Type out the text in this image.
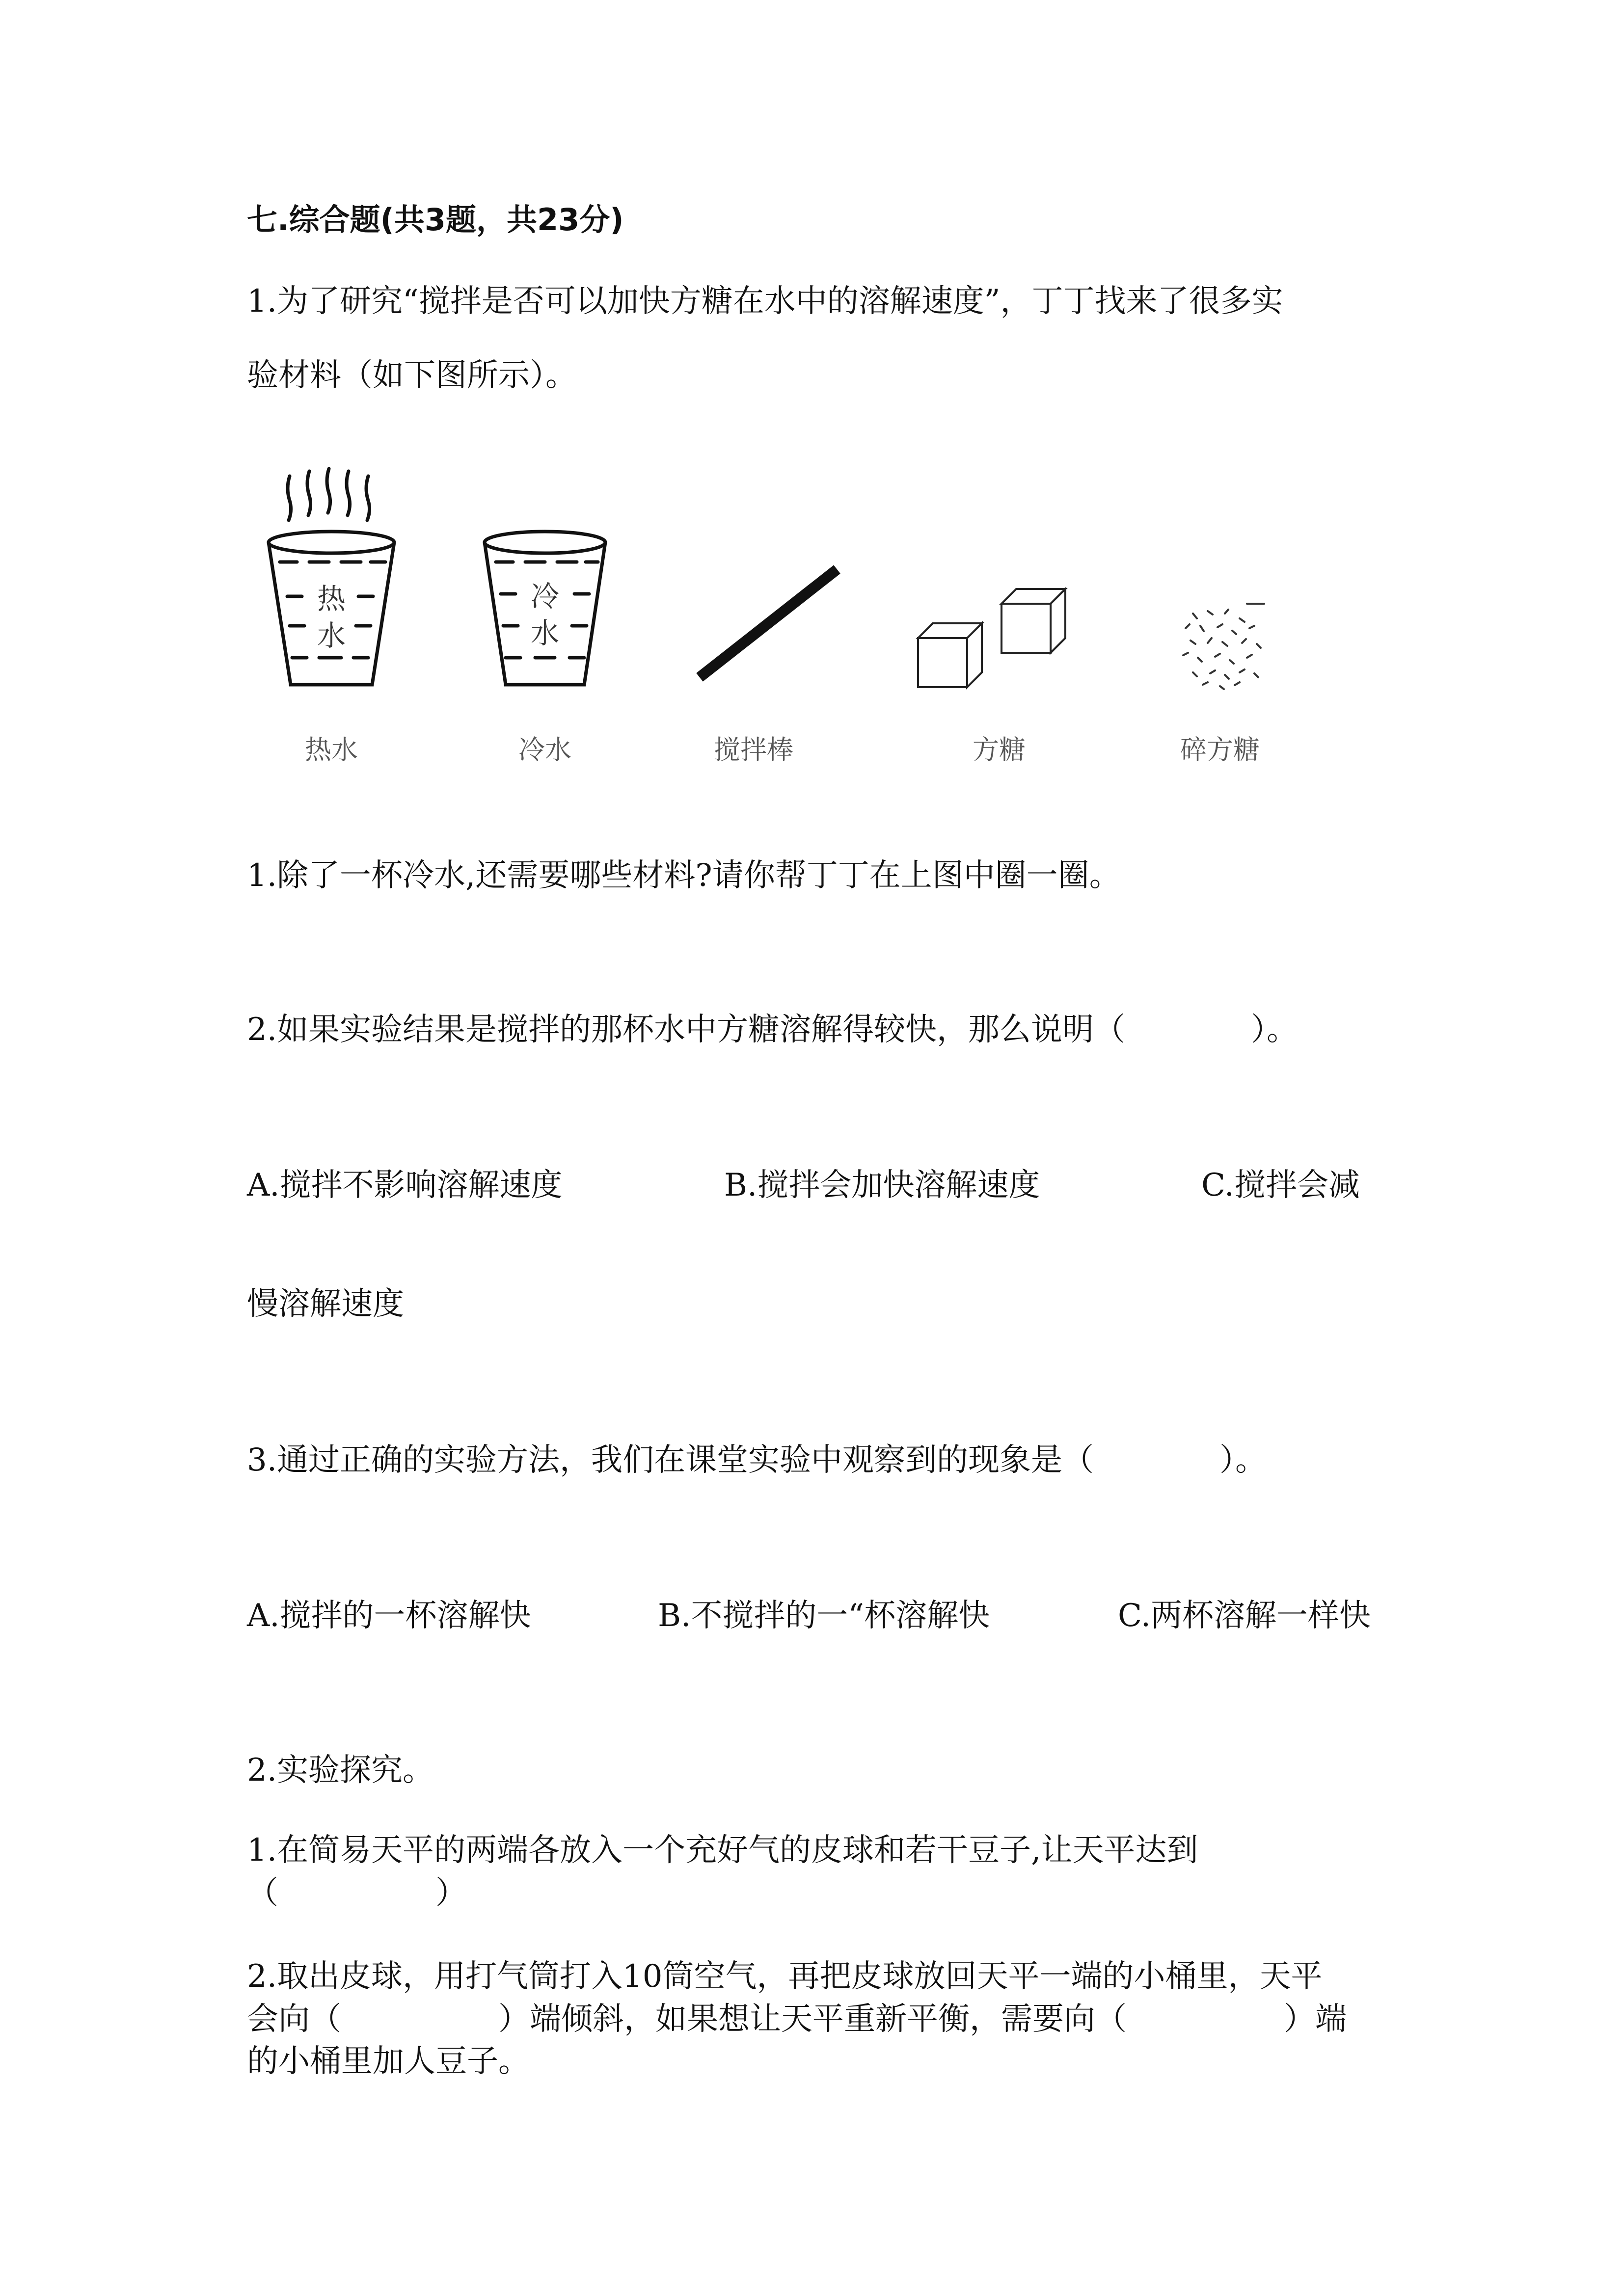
七.综合题(共3题，共23分)

1.为了研究“搅拌是否可以加快方糖在水中的溶解速度”，丁丁找来了很多实

验材料（如下图所示）。

热
水
热水
冷
水
冷水	搅拌棒	方糖	碎方糖

1.除了一杯冷水,还需要哪些材料?请你帮丁丁在上图中圈一圈。

2.如果实验结果是搅拌的那杯水中方糖溶解得较快，那么说明（　　　　）。

A.搅拌不影响溶解速度	B.搅拌会加快溶解速度	C.搅拌会减

慢溶解速度

3.通过正确的实验方法，我们在课堂实验中观察到的现象是（　　　　）。

A.搅拌的一杯溶解快	B.不搅拌的一“杯溶解快	C.两杯溶解一样快

2.实验探究。

1.在简易天平的两端各放入一个充好气的皮球和若干豆子,让天平达到

（　　　　　）

2.取出皮球，用打气筒打入10筒空气，再把皮球放回天平一端的小桶里，天平

会向（　　　　　）端倾斜，如果想让天平重新平衡，需要向（　　　　　）端

的小桶里加人豆子。
